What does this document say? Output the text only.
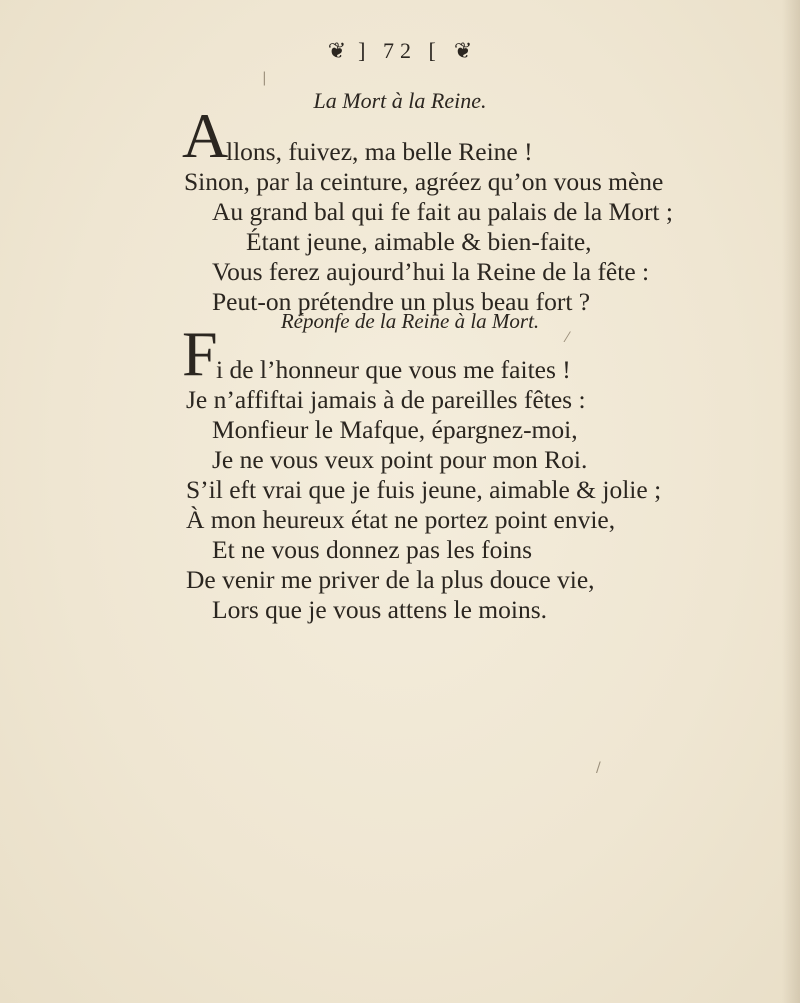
❦ ] 72 [ ❦
La Mort à la Reine.
A
llons, fuivez, ma belle Reine !
Sinon, par la ceinture, agréez qu’on vous mène
Au grand bal qui fe fait au palais de la Mort ;
Étant jeune, aimable & bien-faite,
Vous ferez aujourd’hui la Reine de la fête :
Peut-on prétendre un plus beau fort ?
Réponfe de la Reine à la Mort.
F
i de l’honneur que vous me faites !
Je n’affiftai jamais à de pareilles fêtes :
Monfieur le Mafque, épargnez-moi,
Je ne vous veux point pour mon Roi.
S’il eft vrai que je fuis jeune, aimable & jolie ;
À mon heureux état ne portez point envie,
Et ne vous donnez pas les foins
De venir me priver de la plus douce vie,
Lors que je vous attens le moins.
|
⁄
/
